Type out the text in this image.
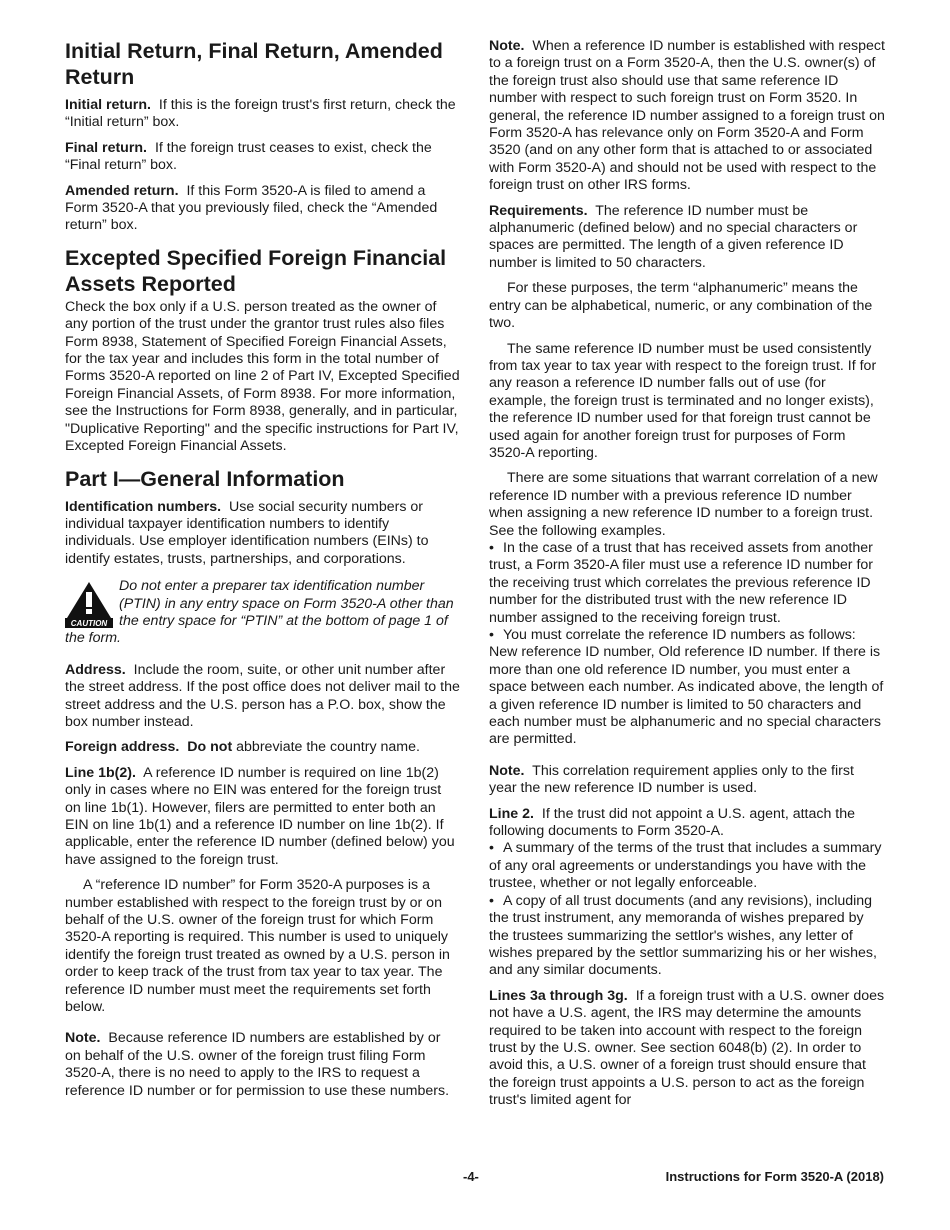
Initial Return, Final Return, Amended Return

Initial return. If this is the foreign trust's first return, check the “Initial return” box.

Final return. If the foreign trust ceases to exist, check the “Final return” box.

Amended return. If this Form 3520-A is filed to amend a Form 3520-A that you previously filed, check the “Amended return” box.

Excepted Specified Foreign Financial Assets Reported

Check the box only if a U.S. person treated as the owner of any portion of the trust under the grantor trust rules also files Form 8938, Statement of Specified Foreign Financial Assets, for the tax year and includes this form in the total number of Forms 3520-A reported on line 2 of Part IV, Excepted Specified Foreign Financial Assets, of Form 8938. For more information, see the Instructions for Form 8938, generally, and in particular, "Duplicative Reporting" and the specific instructions for Part IV, Excepted Foreign Financial Assets.

Part I—General Information

Identification numbers. Use social security numbers or individual taxpayer identification numbers to identify individuals. Use employer identification numbers (EINs) to identify estates, trusts, partnerships, and corporations.

CAUTION
Do not enter a preparer tax identification number (PTIN) in any entry space on Form 3520-A other than the entry space for “PTIN” at the bottom of page 1 of the form.

Address. Include the room, suite, or other unit number after the street address. If the post office does not deliver mail to the street address and the U.S. person has a P.O. box, show the box number instead.

Foreign address. Do not abbreviate the country name.

Line 1b(2). A reference ID number is required on line 1b(2) only in cases where no EIN was entered for the foreign trust on line 1b(1). However, filers are permitted to enter both an EIN on line 1b(1) and a reference ID number on line 1b(2). If applicable, enter the reference ID number (defined below) you have assigned to the foreign trust.

A “reference ID number” for Form 3520-A purposes is a number established with respect to the foreign trust by or on behalf of the U.S. owner of the foreign trust for which Form 3520-A reporting is required. This number is used to uniquely identify the foreign trust treated as owned by a U.S. person in order to keep track of the trust from tax year to tax year. The reference ID number must meet the requirements set forth below.

Note. Because reference ID numbers are established by or on behalf of the U.S. owner of the foreign trust filing Form 3520-A, there is no need to apply to the IRS to request a reference ID number or for permission to use these numbers.

Note. When a reference ID number is established with respect to a foreign trust on a Form 3520-A, then the U.S. owner(s) of the foreign trust also should use that same reference ID number with respect to such foreign trust on Form 3520. In general, the reference ID number assigned to a foreign trust on Form 3520-A has relevance only on Form 3520-A and Form 3520 (and on any other form that is attached to or associated with Form 3520-A) and should not be used with respect to the foreign trust on other IRS forms.

Requirements. The reference ID number must be alphanumeric (defined below) and no special characters or spaces are permitted. The length of a given reference ID number is limited to 50 characters.

For these purposes, the term “alphanumeric” means the entry can be alphabetical, numeric, or any combination of the two.

The same reference ID number must be used consistently from tax year to tax year with respect to the foreign trust. If for any reason a reference ID number falls out of use (for example, the foreign trust is terminated and no longer exists), the reference ID number used for that foreign trust cannot be used again for another foreign trust for purposes of Form 3520-A reporting.

There are some situations that warrant correlation of a new reference ID number with a previous reference ID number when assigning a new reference ID number to a foreign trust. See the following examples.

• In the case of a trust that has received assets from another trust, a Form 3520-A filer must use a reference ID number for the receiving trust which correlates the previous reference ID number for the distributed trust with the new reference ID number assigned to the receiving foreign trust.

• You must correlate the reference ID numbers as follows: New reference ID number, Old reference ID number. If there is more than one old reference ID number, you must enter a space between each number. As indicated above, the length of a given reference ID number is limited to 50 characters and each number must be alphanumeric and no special characters are permitted.

Note. This correlation requirement applies only to the first year the new reference ID number is used.

Line 2. If the trust did not appoint a U.S. agent, attach the following documents to Form 3520-A.

• A summary of the terms of the trust that includes a summary of any oral agreements or understandings you have with the trustee, whether or not legally enforceable.

• A copy of all trust documents (and any revisions), including the trust instrument, any memoranda of wishes prepared by the trustees summarizing the settlor's wishes, any letter of wishes prepared by the settlor summarizing his or her wishes, and any similar documents.

Lines 3a through 3g. If a foreign trust with a U.S. owner does not have a U.S. agent, the IRS may determine the amounts required to be taken into account with respect to the foreign trust by the U.S. owner. See section 6048(b) (2). In order to avoid this, a U.S. owner of a foreign trust should ensure that the foreign trust appoints a U.S. person to act as the foreign trust's limited agent for

-4-	Instructions for Form 3520-A (2018)
